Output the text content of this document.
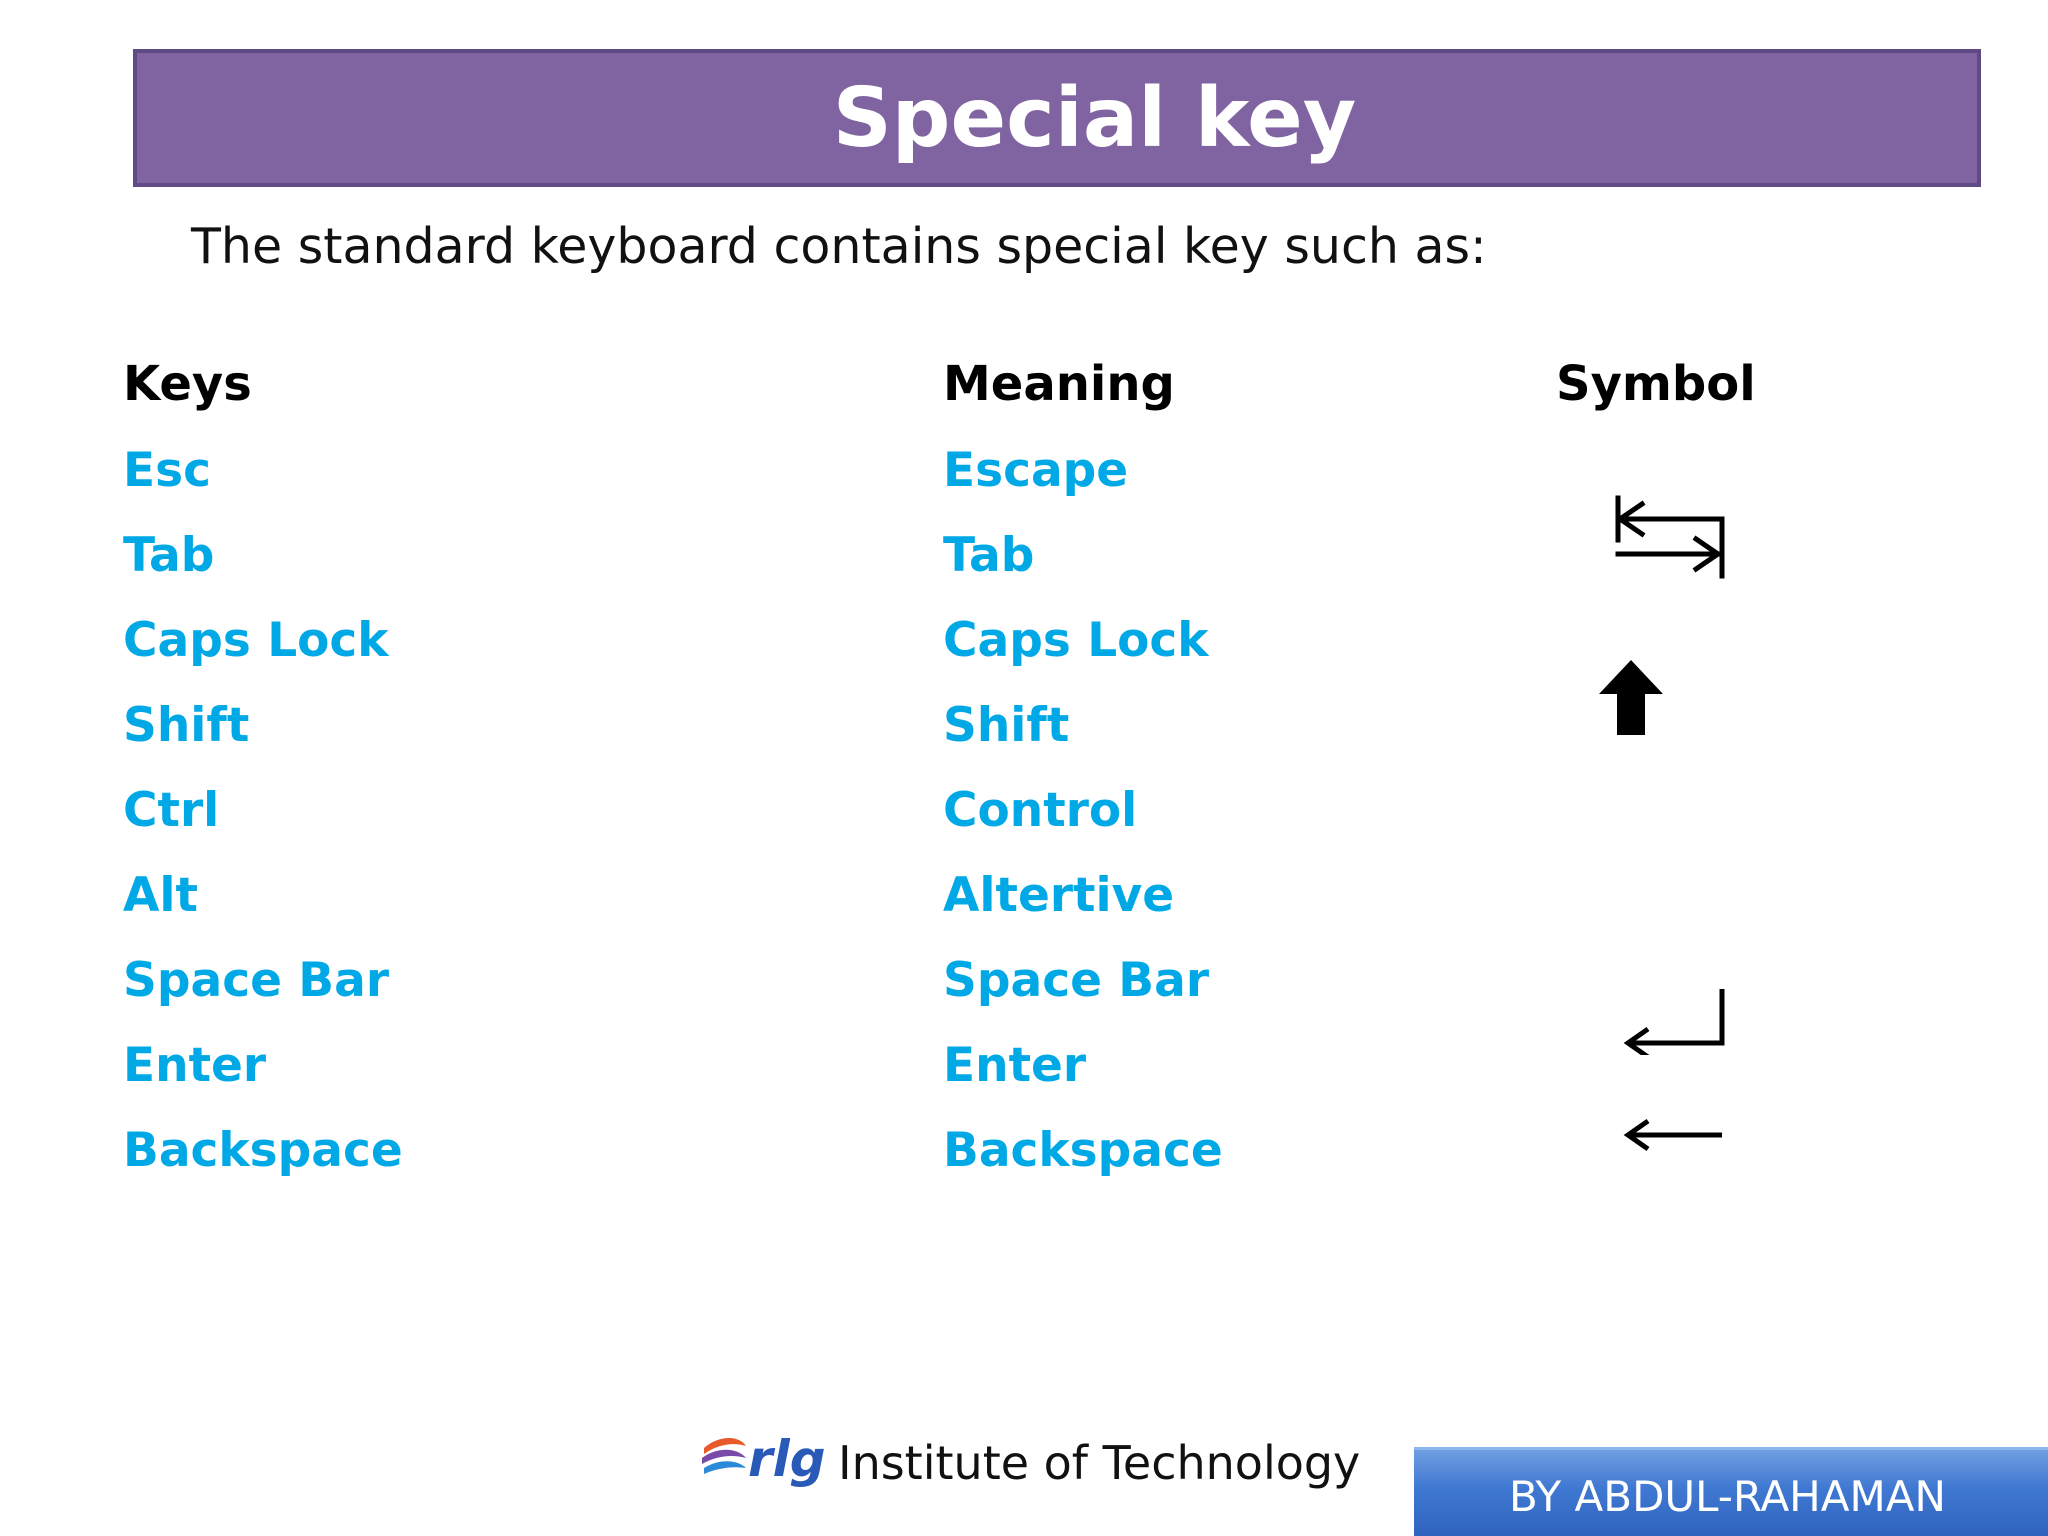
Special key
The standard keyboard contains special key such as:
Keys	Meaning	Symbol
Esc
Tab
Caps Lock
Shift
Ctrl
Alt
Space Bar
Enter
Backspace
Escape
Tab
Caps Lock
Shift
Control
Altertive
Space Bar
Enter
Backspace
rlg Institute of Technology
BY ABDUL-RAHAMAN
